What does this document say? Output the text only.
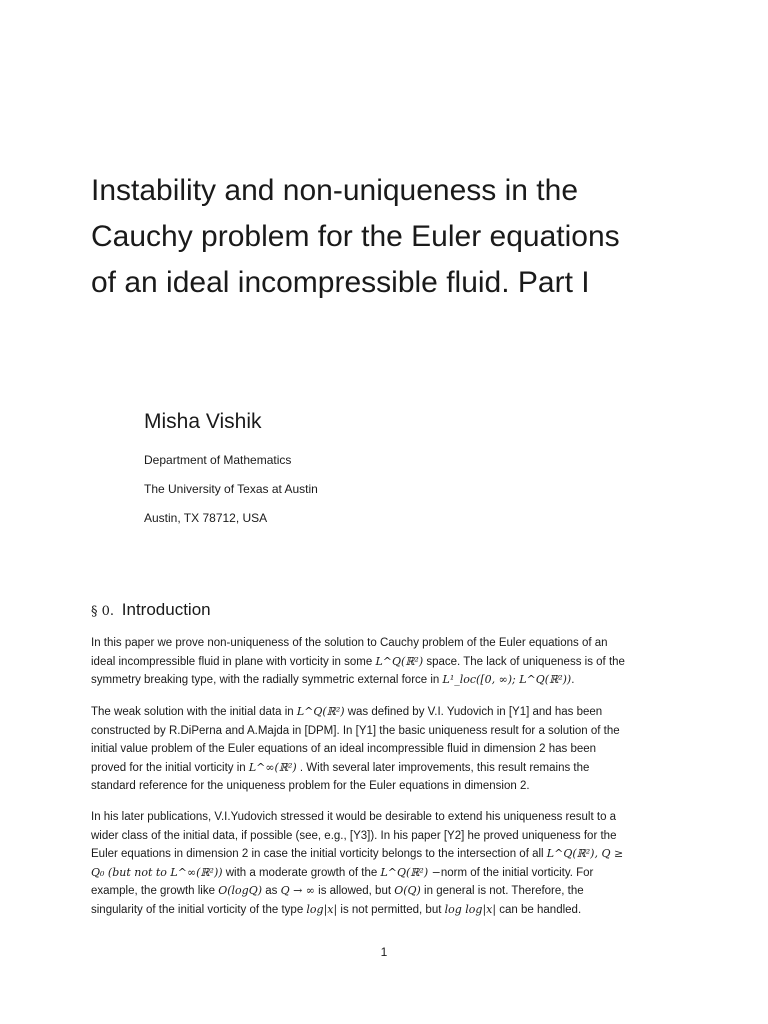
Instability and non-uniqueness in the
Cauchy problem for the Euler equations
of an ideal incompressible fluid. Part I
Misha Vishik

Department of Mathematics

The University of Texas at Austin

Austin, TX 78712, USA

§ 0. Introduction
In this paper we prove non-uniqueness of the solution to Cauchy problem of the Euler equations of an
ideal incompressible fluid in plane with vorticity in some L^Q(ℝ²) space. The lack of uniqueness is of the
symmetry breaking type, with the radially symmetric external force in L¹_loc([0, ∞); L^Q(ℝ²)).
The weak solution with the initial data in L^Q(ℝ²) was defined by V.I. Yudovich in [Y1] and has been
constructed by R.DiPerna and A.Majda in [DPM]. In [Y1] the basic uniqueness result for a solution of the
initial value problem of the Euler equations of an ideal incompressible fluid in dimension 2 has been
proved for the initial vorticity in L^∞(ℝ²) . With several later improvements, this result remains the
standard reference for the uniqueness problem for the Euler equations in dimension 2.
In his later publications, V.I.Yudovich stressed it would be desirable to extend his uniqueness result to a
wider class of the initial data, if possible (see, e.g., [Y3]). In his paper [Y2] he proved uniqueness for the
Euler equations in dimension 2 in case the initial vorticity belongs to the intersection of all L^Q(ℝ²), Q ≥
Q₀ (but not to L^∞(ℝ²)) with a moderate growth of the L^Q(ℝ²) −norm of the initial vorticity. For
example, the growth like O(logQ) as Q → ∞ is allowed, but O(Q) in general is not. Therefore, the
singularity of the initial vorticity of the type log|x| is not permitted, but log log|x| can be handled.
1
